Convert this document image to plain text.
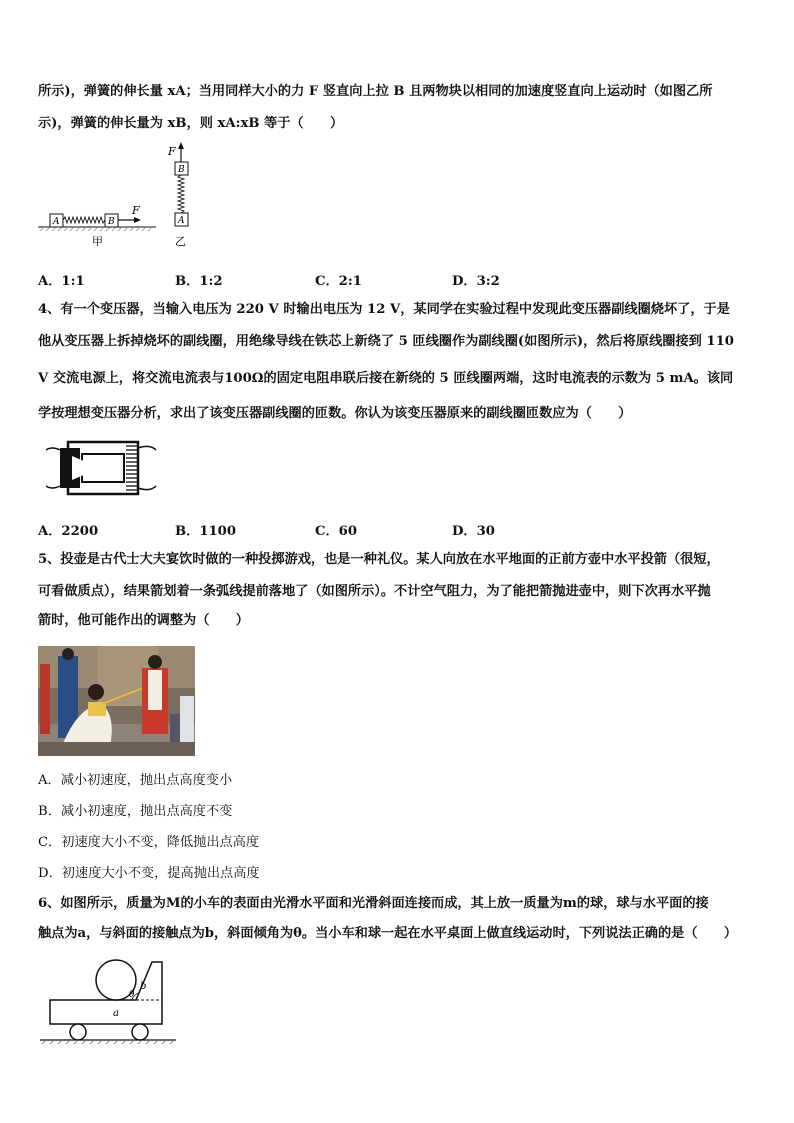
所示)，弹簧的伸长量 xA；当用同样大小的力 F 竖直向上拉 B 且两物块以相同的加速度竖直向上运动时（如图乙所
示)，弹簧的伸长量为 xB，则 xA:xB 等于（　　）
F
B
A
乙
A	B
F
甲
A．1:1	B．1:2	C．2:1	D．3:2
4、有一个变压器，当输入电压为 220 V 时输出电压为 12 V，某同学在实验过程中发现此变压器副线圈烧坏了，于是
他从变压器上拆掉烧坏的副线圈，用绝缘导线在铁芯上新绕了 5 匝线圈作为副线圈(如图所示)，然后将原线圈接到 110
V 交流电源上，将交流电流表与100Ω的固定电阻串联后接在新绕的 5 匝线圈两端，这时电流表的示数为 5 mA。该同
学按理想变压器分析，求出了该变压器副线圈的匝数。你认为该变压器原来的副线圈匝数应为（　　）
A．2200	B．1100	C．60	D．30
5、投壶是古代士大夫宴饮时做的一种投掷游戏，也是一种礼仪。某人向放在水平地面的正前方壶中水平投箭（很短，
可看做质点），结果箭划着一条弧线提前落地了（如图所示）。不计空气阻力，为了能把箭抛进壶中，则下次再水平抛
箭时，他可能作出的调整为（　　）
A．减小初速度，抛出点高度变小
B．减小初速度，抛出点高度不变
C．初速度大小不变，降低抛出点高度
D．初速度大小不变，提高抛出点高度
6、如图所示，质量为M的小车的表面由光滑水平面和光滑斜面连接而成，其上放一质量为m的球，球与水平面的接
触点为a，与斜面的接触点为b，斜面倾角为θ。当小车和球一起在水平桌面上做直线运动时，下列说法正确的是（　　）
b
θ
a
